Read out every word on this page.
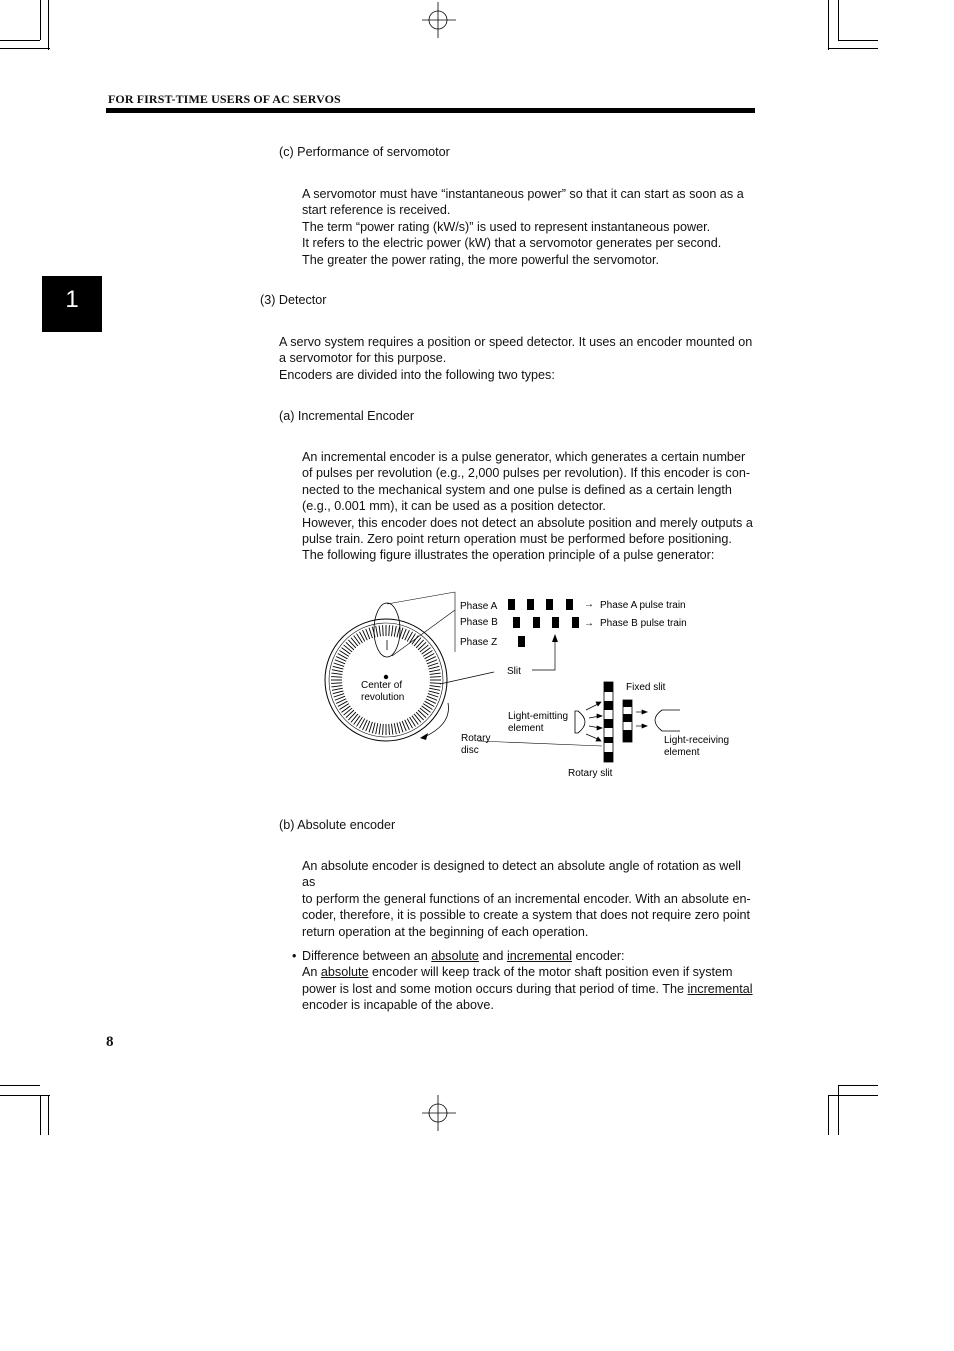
FOR FIRST-TIME USERS OF AC SERVOS
1
(c) Performance of servomotor
A servomotor must have “instantaneous power” so that it can start as soon as a
start reference is received.
The term “power rating (kW/s)” is used to represent instantaneous power.
It refers to the electric power (kW) that a servomotor generates per second.
The greater the power rating, the more powerful the servomotor.
(3) Detector
A servo system requires a position or speed detector. It uses an encoder mounted on
a servomotor for this purpose.
Encoders are divided into the following two types:
(a) Incremental Encoder
An incremental encoder is a pulse generator, which generates a certain number
of pulses per revolution (e.g., 2,000 pulses per revolution). If this encoder is con-
nected to the mechanical system and one pulse is defined as a certain length
(e.g., 0.001 mm), it can be used as a position detector.
However, this encoder does not detect an absolute position and merely outputs a
pulse train. Zero point return operation must be performed before positioning.
The following figure illustrates the operation principle of a pulse generator:
Phase A
Phase B
Phase Z
→
→
Phase A pulse train
Phase B pulse train
Slit
Center of
revolution
Rotary
disc
Fixed slit
Light-emitting
element
Light-receiving
element
Rotary slit
(b) Absolute encoder
An absolute encoder is designed to detect an absolute angle of rotation as well as
to perform the general functions of an incremental encoder. With an absolute en-
coder, therefore, it is possible to create a system that does not require zero point
return operation at the beginning of each operation.
• Difference between an absolute and incremental encoder:
An absolute encoder will keep track of the motor shaft position even if system
power is lost and some motion occurs during that period of time. The incremental
encoder is incapable of the above.
8
